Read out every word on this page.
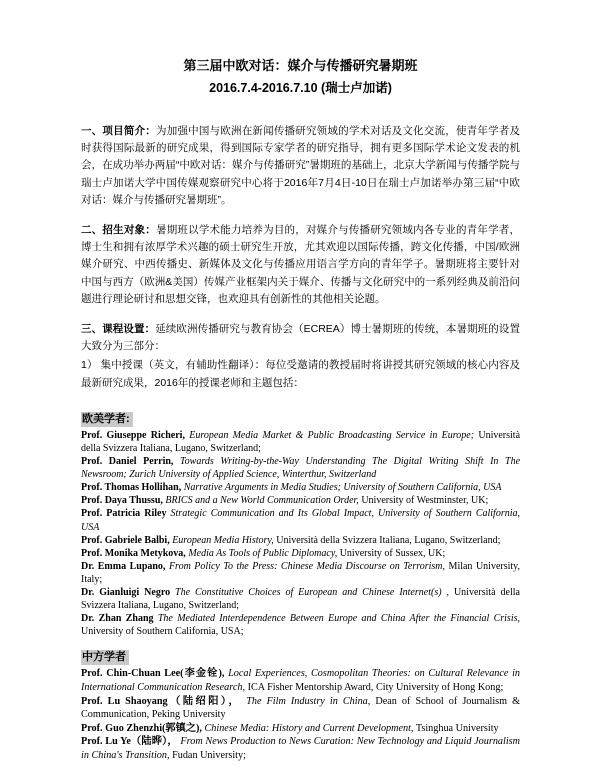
第三届中欧对话：媒介与传播研究暑期班
2016.7.4-2016.7.10 (瑞士卢加诺)

一、项目简介：为加强中国与欧洲在新闻传播研究领域的学术对话及文化交流，使青年学者及时获得国际最新的研究成果，得到国际专家学者的研究指导，拥有更多国际学术论文发表的机会，在成功举办两届“中欧对话：媒介与传播研究”暑期班的基础上，北京大学新闻与传播学院与瑞士卢加诺大学中国传媒观察研究中心将于2016年7月4日-10日在瑞士卢加诺举办第三届“中欧对话：媒介与传播研究暑期班”。

二、招生对象：暑期班以学术能力培养为目的，对媒介与传播研究领域内各专业的青年学者，博士生和拥有浓厚学术兴趣的硕士研究生开放，尤其欢迎以国际传播，跨文化传播，中国/欧洲媒介研究、中西传播史、新媒体及文化与传播应用语言学方向的青年学子。暑期班将主要针对中国与西方（欧洲&美国）传媒产业框架内关于媒介、传播与文化研究中的一系列经典及前沿问题进行理论研讨和思想交锋，也欢迎具有创新性的其他相关论题。

三、课程设置：延续欧洲传播研究与教育协会（ECREA）博士暑期班的传统，本暑期班的设置大致分为三部分：

1） 集中授课（英文，有辅助性翻译）：每位受邀请的教授届时将讲授其研究领域的核心内容及最新研究成果，2016年的授课老师和主题包括：

欧美学者:

Prof. Giuseppe Richeri, European Media Market & Public Broadcasting Service in Europe; Università della Svizzera Italiana, Lugano, Switzerland;

Prof. Daniel Perrin, Towards Writing-by-the-Way Understanding The Digital Writing Shift In The Newsroom; Zurich University of Applied Science, Winterthur, Switzerland

Prof. Thomas Hollihan, Narrative Arguments in Media Studies; University of Southern California, USA

Prof. Daya Thussu, BRICS and a New World Communication Order, University of Westminster, UK;

Prof. Patricia Riley Strategic Communication and Its Global Impact, University of Southern California, USA

Prof. Gabriele Balbi, European Media History, Università della Svizzera Italiana, Lugano, Switzerland;

Prof. Monika Metykova, Media As Tools of Public Diplomacy, University of Sussex, UK;

Dr. Emma Lupano, From Policy To the Press: Chinese Media Discourse on Terrorism, Milan University, Italy;

Dr. Gianluigi Negro The Constitutive Choices of European and Chinese Internet(s) , Università della Svizzera Italiana, Lugano, Switzerland;

Dr. Zhan Zhang The Mediated Interdependence Between Europe and China After the Financial Crisis, University of Southern California, USA;

中方学者

Prof. Chin-Chuan Lee(李金铨), Local Experiences, Cosmopolitan Theories: on Cultural Relevance in International Communication Research, ICA Fisher Mentorship Award, City University of Hong Kong;

Prof. Lu Shaoyang（陆绍阳）， The Film Industry in China, Dean of School of Journalism & Communication, Peking University

Prof. Guo Zhenzhi(郭镇之), Chinese Media: History and Current Development, Tsinghua University

Prof. Lu Ye（陆晔）， From News Production to News Curation: New Technology and Liquid Journalism in China's Transition, Fudan University;
